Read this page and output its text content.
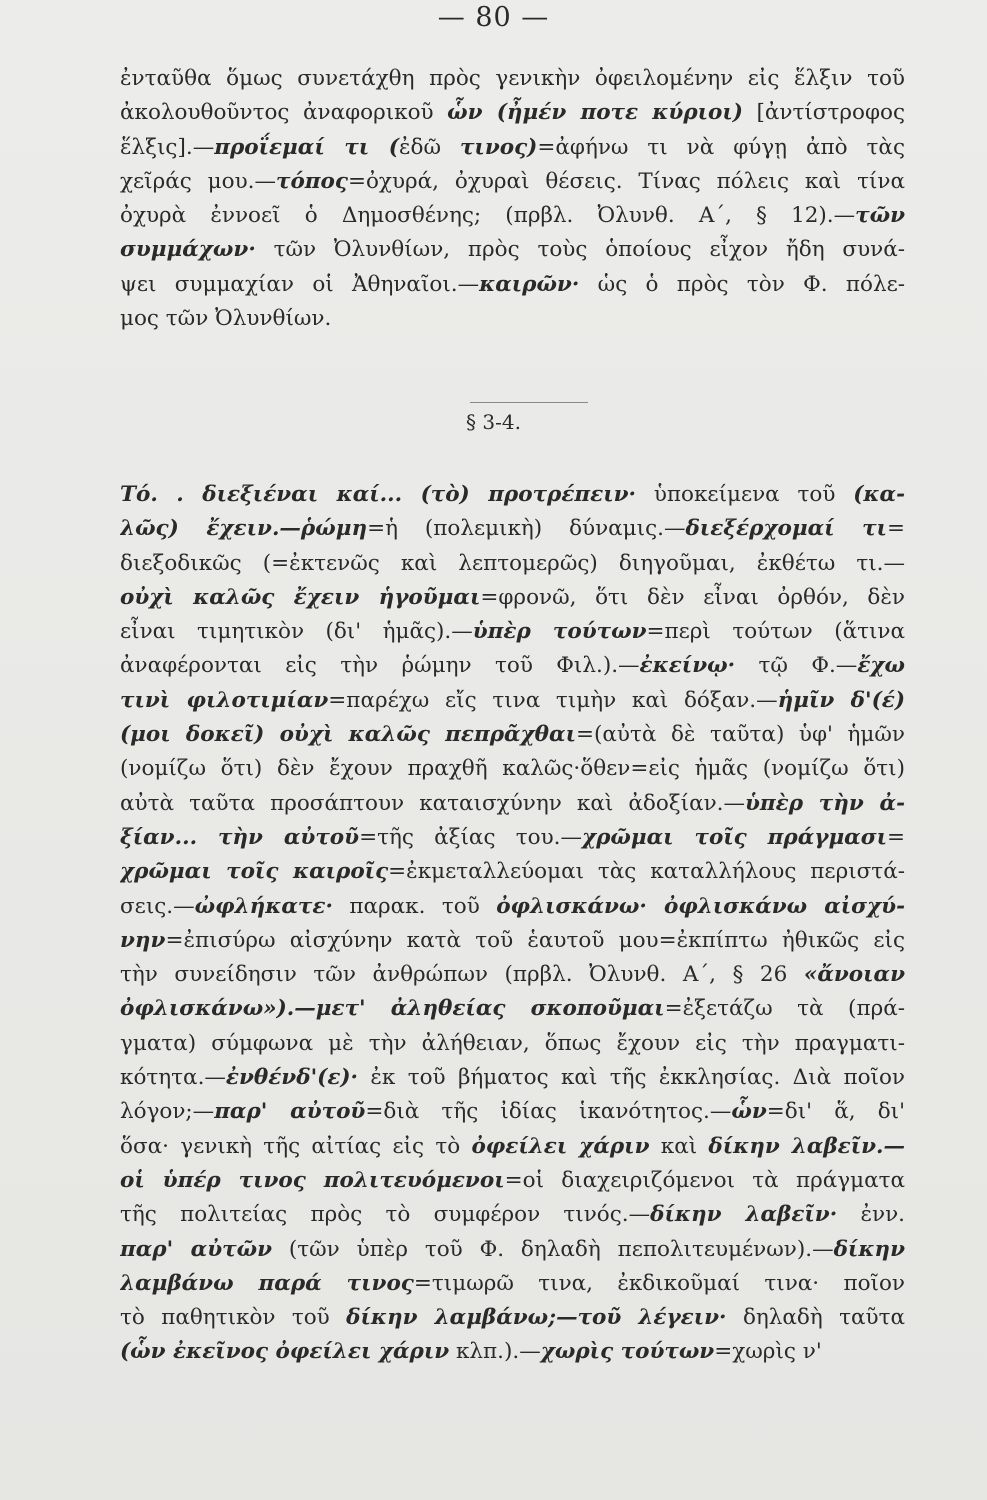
— 80 —
ἐνταῦθα ὅμως συνετάχθη πρὸς γενικὴν ὀφειλομένην εἰς ἕλξιν τοῦ
ἀκολουθοῦντος ἀναφορικοῦ ὧν (ἦμέν ποτε κύριοι) [ἀντίστροφος
ἕλξις].—προΐεμαί τι (ἐδῶ τινος)=ἀφήνω τι νὰ φύγῃ ἀπὸ τὰς
χεῖράς μου.—τόπος=ὀχυρά, ὀχυραὶ θέσεις. Τίνας πόλεις καὶ τίνα
ὀχυρὰ ἐννοεῖ ὁ Δημοσθένης; (πρβλ. Ὀλυνθ. Α΄, § 12).—τῶν
συμμάχων· τῶν Ὀλυνθίων, πρὸς τοὺς ὁποίους εἶχον ἤδη συνά-
ψει συμμαχίαν οἱ Ἀθηναῖοι.—καιρῶν· ὡς ὁ πρὸς τὸν Φ. πόλε-
μος τῶν Ὀλυνθίων.
§ 3-4.
Τό. . διεξιέναι καί... (τὸ) προτρέπειν· ὑποκείμενα τοῦ (κα-
λῶς) ἔχειν.—ῥώμη=ἡ (πολεμικὴ) δύναμις.—διεξέρχομαί τι=
διεξοδικῶς (=ἐκτενῶς καὶ λεπτομερῶς) διηγοῦμαι, ἐκθέτω τι.—
οὐχὶ καλῶς ἔχειν ἡγοῦμαι=φρονῶ, ὅτι δὲν εἶναι ὀρθόν, δὲν
εἶναι τιμητικὸν (δι' ἡμᾶς).—ὑπὲρ τούτων=περὶ τούτων (ἅτινα
ἀναφέρονται εἰς τὴν ῥώμην τοῦ Φιλ.).—ἐκείνῳ· τῷ Φ.—ἔχω
τινὶ φιλοτιμίαν=παρέχω εἴς τινα τιμὴν καὶ δόξαν.—ἡμῖν δ'(έ)
(μοι δοκεῖ) οὐχὶ καλῶς πεπρᾶχθαι=(αὐτὰ δὲ ταῦτα) ὑφ' ἡμῶν
(νομίζω ὅτι) δὲν ἔχουν πραχθῆ καλῶς·ὅθεν=εἰς ἡμᾶς (νομίζω ὅτι)
αὐτὰ ταῦτα προσάπτουν καταισχύνην καὶ ἀδοξίαν.—ὑπὲρ τὴν ἀ-
ξίαν... τὴν αὐτοῦ=τῆς ἀξίας του.—χρῶμαι τοῖς πράγμασι=
χρῶμαι τοῖς καιροῖς=ἐκμεταλλεύομαι τὰς καταλλήλους περιστά-
σεις.—ὠφλήκατε· παρακ. τοῦ ὀφλισκάνω· ὀφλισκάνω αἰσχύ-
νην=ἐπισύρω αἰσχύνην κατὰ τοῦ ἑαυτοῦ μου=ἐκπίπτω ἠθικῶς εἰς
τὴν συνείδησιν τῶν ἀνθρώπων (πρβλ. Ὀλυνθ. Α΄, § 26 «ἄνοιαν
ὀφλισκάνω»).—μετ' ἀληθείας σκοποῦμαι=ἐξετάζω τὰ (πρά-
γματα) σύμφωνα μὲ τὴν ἀλήθειαν, ὅπως ἔχουν εἰς τὴν πραγματι-
κότητα.—ἐνθένδ'(ε)· ἐκ τοῦ βήματος καὶ τῆς ἐκκλησίας. Διὰ ποῖον
λόγον;—παρ' αὐτοῦ=διὰ τῆς ἰδίας ἱκανότητος.—ὧν=δι' ἅ, δι'
ὅσα· γενικὴ τῆς αἰτίας εἰς τὸ ὀφείλει χάριν καὶ δίκην λαβεῖν.—
οἱ ὑπέρ τινος πολιτευόμενοι=οἱ διαχειριζόμενοι τὰ πράγματα
τῆς πολιτείας πρὸς τὸ συμφέρον τινός.—δίκην λαβεῖν· ἐνν.
παρ' αὐτῶν (τῶν ὑπὲρ τοῦ Φ. δηλαδὴ πεπολιτευμένων).—δίκην
λαμβάνω παρά τινος=τιμωρῶ τινα, ἐκδικοῦμαί τινα· ποῖον
τὸ παθητικὸν τοῦ δίκην λαμβάνω;—τοῦ λέγειν· δηλαδὴ ταῦτα
(ὧν ἐκεῖνος ὀφείλει χάριν κλπ.).—χωρὶς τούτων=χωρὶς ν'
